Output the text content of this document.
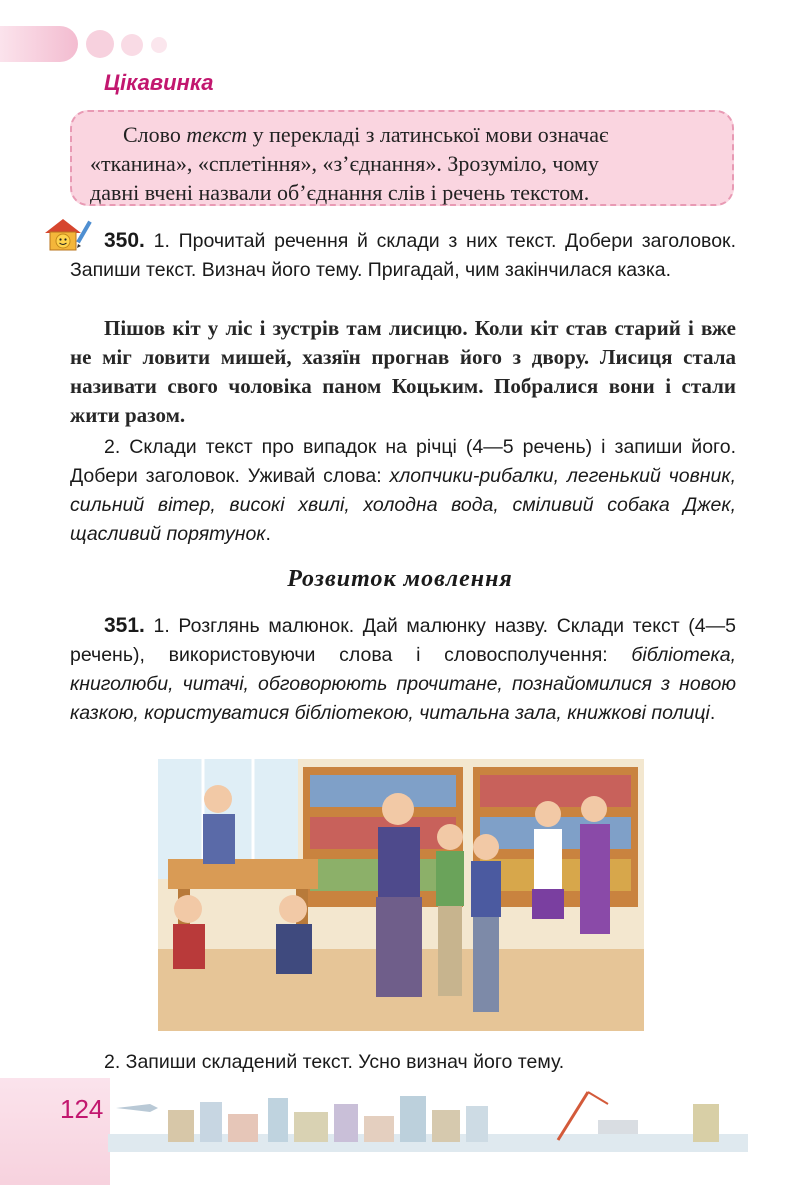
Цікавинка

  Слово текст у перекладі з латинської мови означає
«тканина», «сплетіння», «з’єднання». Зрозуміло, чому
давні вчені назвали об’єднання слів і речень текстом.

350. 1. Прочитай речення й склади з них текст. Добери заголовок. Запиши текст. Визнач його тему. Пригадай, чим закінчилася казка.
Пішов кіт у ліс і зустрів там лисицю. Коли кіт став старий і вже не міг ловити мишей, хазяїн прогнав його з двору. Лисиця стала називати свого чоловіка паном Коцьким. Побралися вони і стали жити разом.
2. Склади текст про випадок на річці (4—5 речень) і запиши його. Добери заголовок. Уживай слова: хлопчики-рибалки, легенький човник, сильний вітер, високі хвилі, холодна вода, сміливий собака Джек, щасливий порятунок.
Розвиток мовлення
351. 1. Розглянь малюнок. Дай малюнку назву. Склади текст (4—5 речень), використовуючи слова і словосполучення: бібліотека, книголюби, читачі, обговорюють прочитане, познайомилися з новою казкою, користуватися бібліотекою, читальна зала, книжкові полиці.
2. Запиши складений текст. Усно визнач його тему.
124
